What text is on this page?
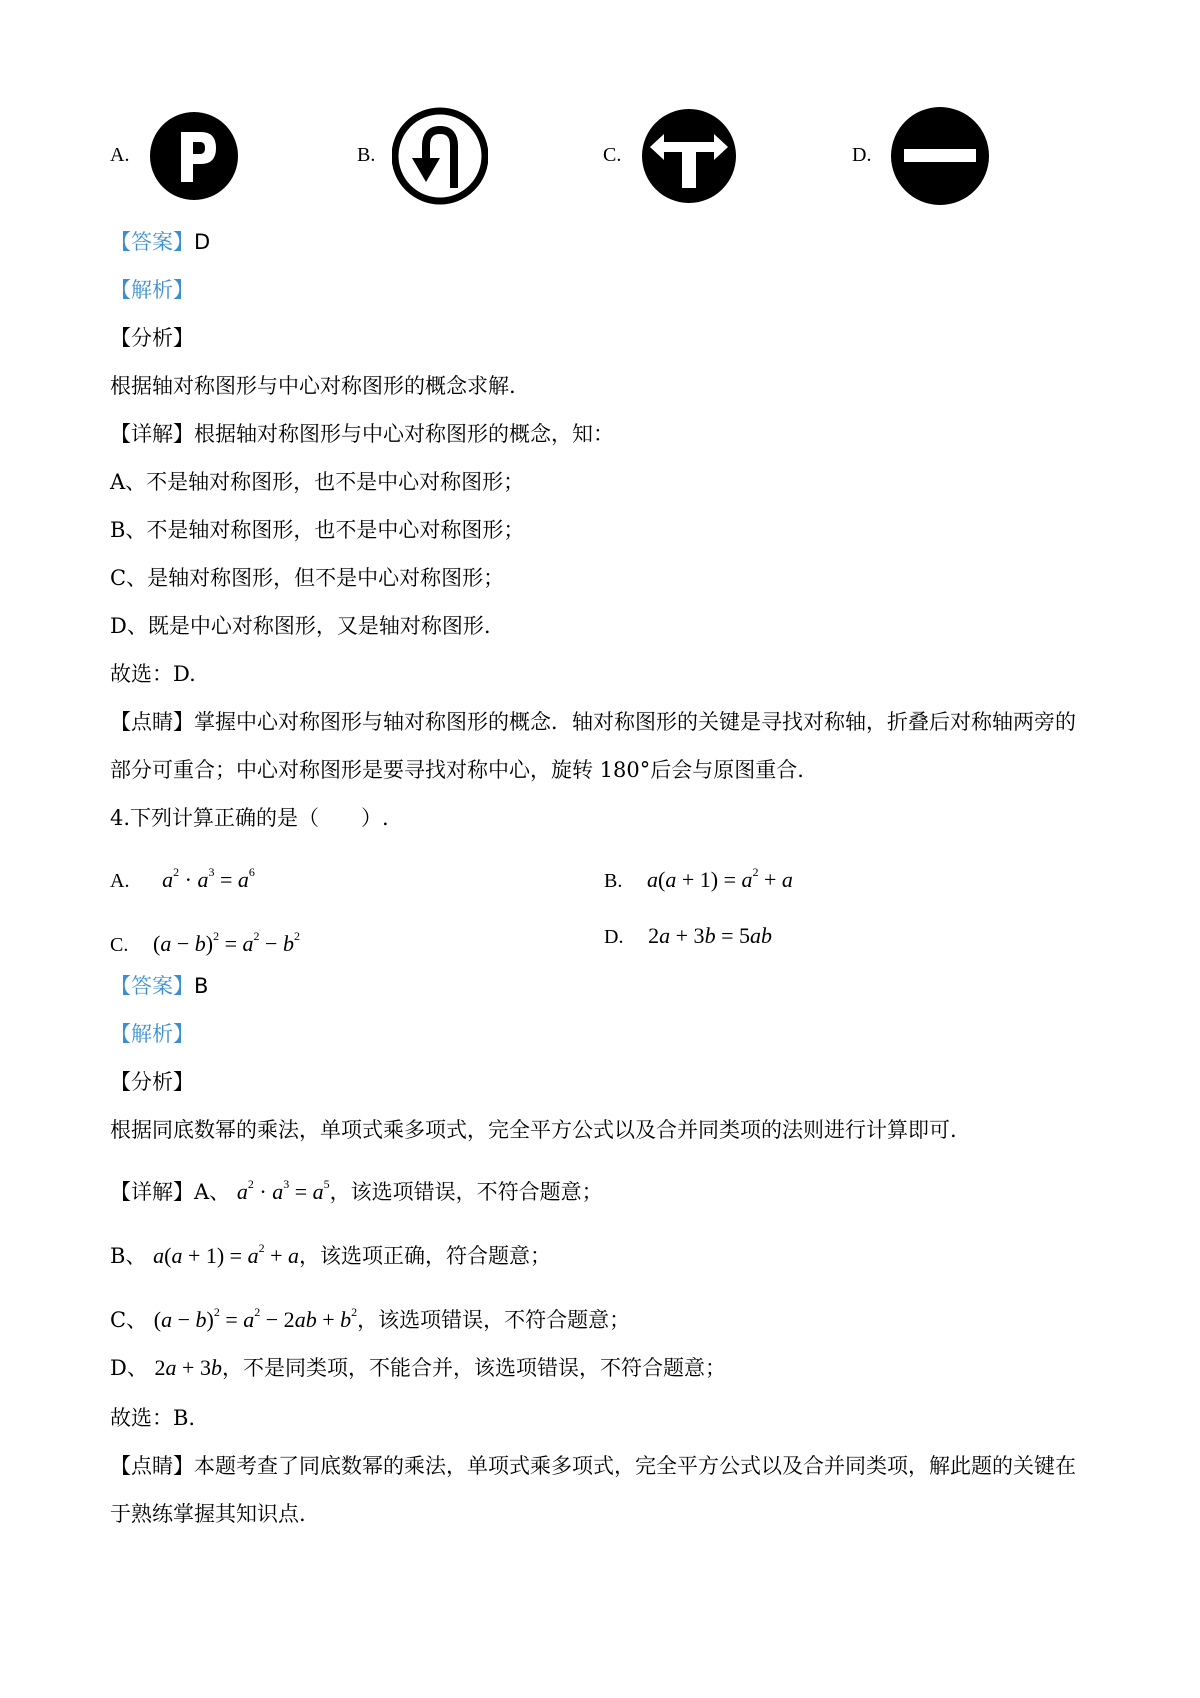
A.	B.	C.	D.
【答案】D
【解析】
【分析】
根据轴对称图形与中心对称图形的概念求解.
【详解】根据轴对称图形与中心对称图形的概念，知：
A、不是轴对称图形，也不是中心对称图形；
B、不是轴对称图形，也不是中心对称图形；
C、是轴对称图形，但不是中心对称图形；
D、既是中心对称图形，又是轴对称图形.
故选：D.
【点睛】掌握中心对称图形与轴对称图形的概念．轴对称图形的关键是寻找对称轴，折叠后对称轴两旁的
部分可重合；中心对称图形是要寻找对称中心，旋转 180°后会与原图重合.
4.下列计算正确的是（　　）.
A. $a^2 \cdot a^3 = a^6$	B. $a(a + 1) = a^2 + a$
C. $(a - b)^2 = a^2 - b^2$	D. 2a + 3b = 5ab
【答案】B
【解析】
【分析】
根据同底数幂的乘法，单项式乘多项式，完全平方公式以及合并同类项的法则进行计算即可.
【详解】A、 $a^2 \cdot a^3 = a^5$，该选项错误，不符合题意；
B、 $a(a + 1) = a^2 + a$，该选项正确，符合题意；
C、 $(a - b)^2 = a^2 - 2ab + b^2$，该选项错误，不符合题意；
D、 2a + 3b，不是同类项，不能合并，该选项错误，不符合题意；
故选：B.
【点睛】本题考查了同底数幂的乘法，单项式乘多项式，完全平方公式以及合并同类项，解此题的关键在
于熟练掌握其知识点.
